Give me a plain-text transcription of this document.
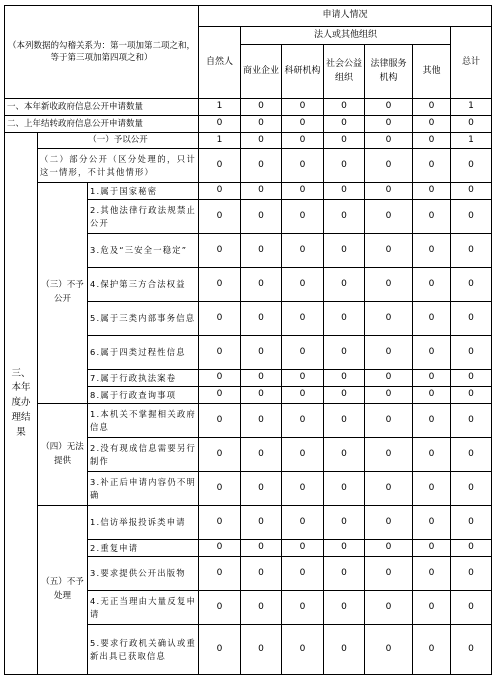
（本列数据的勾稽关系为：第一项加第二项之和，等于第三项加第四项之和）			申请人情况						
			自然人	法人或其他组织					总计
				商业企业	科研机构	社会公益组织	法律服务机构	其他	
一、本年新收政府信息公开申请数量			1	0	0	0	0	0	1
二、上年结转政府信息公开申请数量			0	0	0	0	0	0	0
三、本年度办理结果	（一）予以公开		1	0	0	0	0	0	1
	（二）部分公开（区分处理的，只计这一情形，不计其他情形）		0	0	0	0	0	0	0
	（三）不予公开	1.属于国家秘密	0	0	0	0	0	0	0
		2.其他法律行政法规禁止公开	0	0	0	0	0	0	0
		3.危及“三安全一稳定”	0	0	0	0	0	0	0
		4.保护第三方合法权益	0	0	0	0	0	0	0
		5.属于三类内部事务信息	0	0	0	0	0	0	0
		6.属于四类过程性信息	0	0	0	0	0	0	0
		7.属于行政执法案卷	0	0	0	0	0	0	0
		8.属于行政查询事项	0	0	0	0	0	0	0
	（四）无法提供	1.本机关不掌握相关政府信息	0	0	0	0	0	0	0
		2.没有现成信息需要另行制作	0	0	0	0	0	0	0
		3.补正后申请内容仍不明确	0	0	0	0	0	0	0
	（五）不予处理	1.信访举报投诉类申请	0	0	0	0	0	0	0
		2.重复申请	0	0	0	0	0	0	0
		3.要求提供公开出版物	0	0	0	0	0	0	0
		4.无正当理由大量反复申请	0	0	0	0	0	0	0
		5.要求行政机关确认或重新出具已获取信息	0	0	0	0	0	0	0
